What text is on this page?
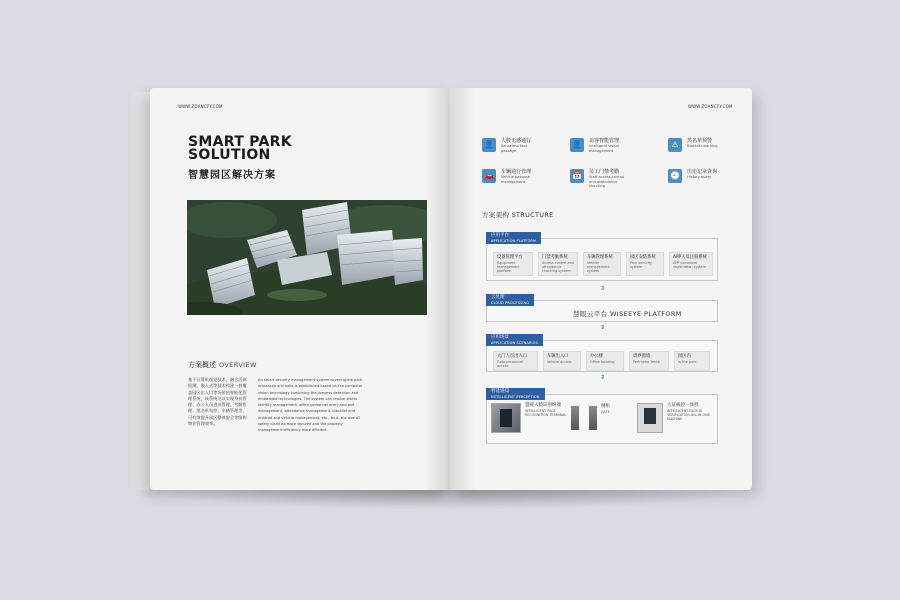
WWW.ZOANCFY.COM
SMART PARK
SOLUTION
智慧园区解决方案
方案概述 OVERVIEW
基于计算机视觉技术，融合活体检测，嵌入式等技术构建一套覆盖园区出入口等场景的智能化管理系统，该系统可以实现身份管理、办公人员进出管理、考勤管理、黑名单布控、车辆管理等，可有效提升园区整体安全等级和物业管理效率。
An smart security management system covering the park entrances and exits is established based on the computer vision technology combining the liveness detection and embedded technologies. The system can realize visitor identity management, office personnel entry and exit management, attendance management, blacklist and unlisted and vehicle management, etc., thus, the overall safety could be more secured and the property management efficiency more efficient.
WWW.ZOANCFY.COM
👤	人脸无感通行
Senseless face passage
👤	访客智能管理
Intelligent visitor management
⚠	黑名单预警
Blacklist warning
🚗	车辆通行管理
Vehicle passage management
📅	员工门禁考勤
Staff access control and attendance checking
🕘	历史记录查询
History query
方案架构 STRUCTURE
设备管理平台
Equipment management platform
门禁考勤系统
Access control and attendance checking system
车辆管理系统
Vehicle management system
园区安防系统
Park security system
APP人员注册系统
APP personnel registration system
应用平台
APPLICATION PLATFORM
⇕
慧眼云平台 WISEEYE PLATFORM
云处理
CLOUD PROCESSING
⇕
大门人员出入口
Gate personnel access
车辆出入口
Vehicle access
办公楼
Office building
周界围墙
Perimeter fence
园区内
In the park
应用场景
APPLICATION SCENARIOS
⇕
慧视人脸识别终端
INTELLIGENT FACE RECOGNITION TERMINAL
闸机
GATE
人证核验一体机
INTELLIGENT FACE-ID VERIFICATION ALL-IN-ONE MACHINE
智能感知
INTELLIGENT PERCEPTION
